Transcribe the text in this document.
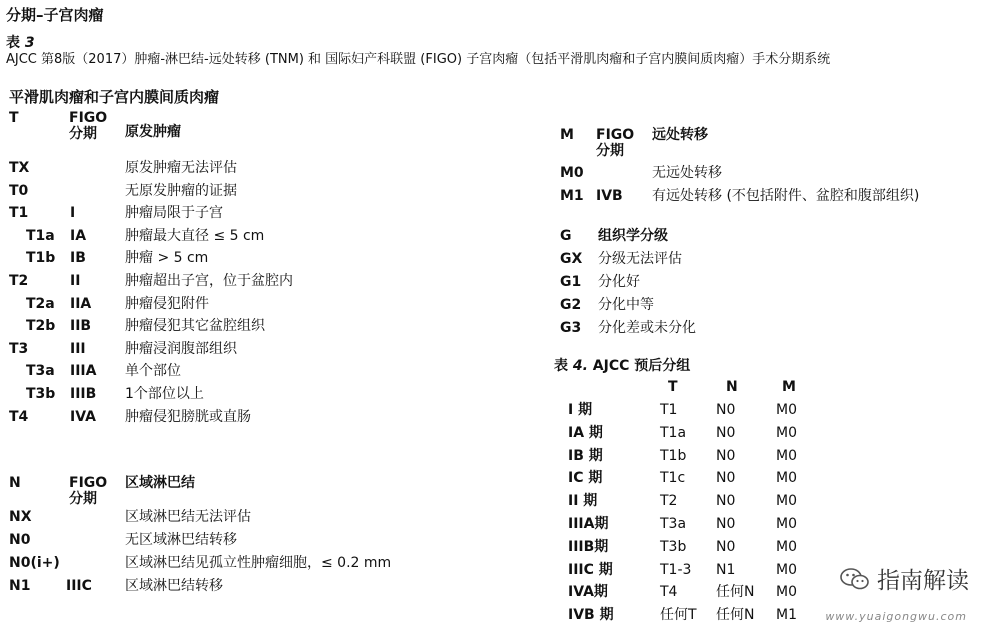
分期–子宫肉瘤
表 3
AJCC 第8版（2017）肿瘤-淋巴结-远处转移 (TNM) 和 国际妇产科联盟 (FIGO) 子宫肉瘤（包括平滑肌肉瘤和子宫内膜间质肉瘤）手术分期系统
平滑肌肉瘤和子宫内膜间质肉瘤
T	FIGO
分期 原发肿瘤
TX	原发肿瘤无法评估
T0	无原发肿瘤的证据
T1	I	肿瘤局限于子宫
T1a IA	肿瘤最大直径 ≤ 5 cm
T1b IB	肿瘤 > 5 cm
T2	II	肿瘤超出子宫，位于盆腔内
T2a IIA 肿瘤侵犯附件
T2b IIB 肿瘤侵犯其它盆腔组织
T3	III	肿瘤浸润腹部组织
T3a IIIA 单个部位
T3b IIIB 1个部位以上
T4	IVA 肿瘤侵犯膀胱或直肠
N	FIGO
分期
区域淋巴结
NX	区域淋巴结无法评估
N0	无区域淋巴结转移
N0(i+)	区域淋巴结见孤立性肿瘤细胞，≤ 0.2 mm
N1	IIIC 区域淋巴结转移
M FIGO
分期
远处转移
M0	无远处转移
M1 IVB 有远处转移 (不包括附件、盆腔和腹部组织)
G 组织学分级
GX 分级无法评估
G1 分化好
G2 分化中等
G3 分化差或未分化
表 4. AJCC 预后分组
T	N	M
I 期	T1	N0	M0
IA 期	T1a N0	M0
IB 期	T1b N0	M0
IC 期	T1c N0	M0
II 期	T2	N0	M0
IIIA期	T3a N0	M0
IIIB期	T3b N0	M0
IIIC 期	T1-3 N1	M0
IVA期	T4	任何N M0
IVB 期	任何T 任何N M1
指南解读
www.yuaigongwu.com
